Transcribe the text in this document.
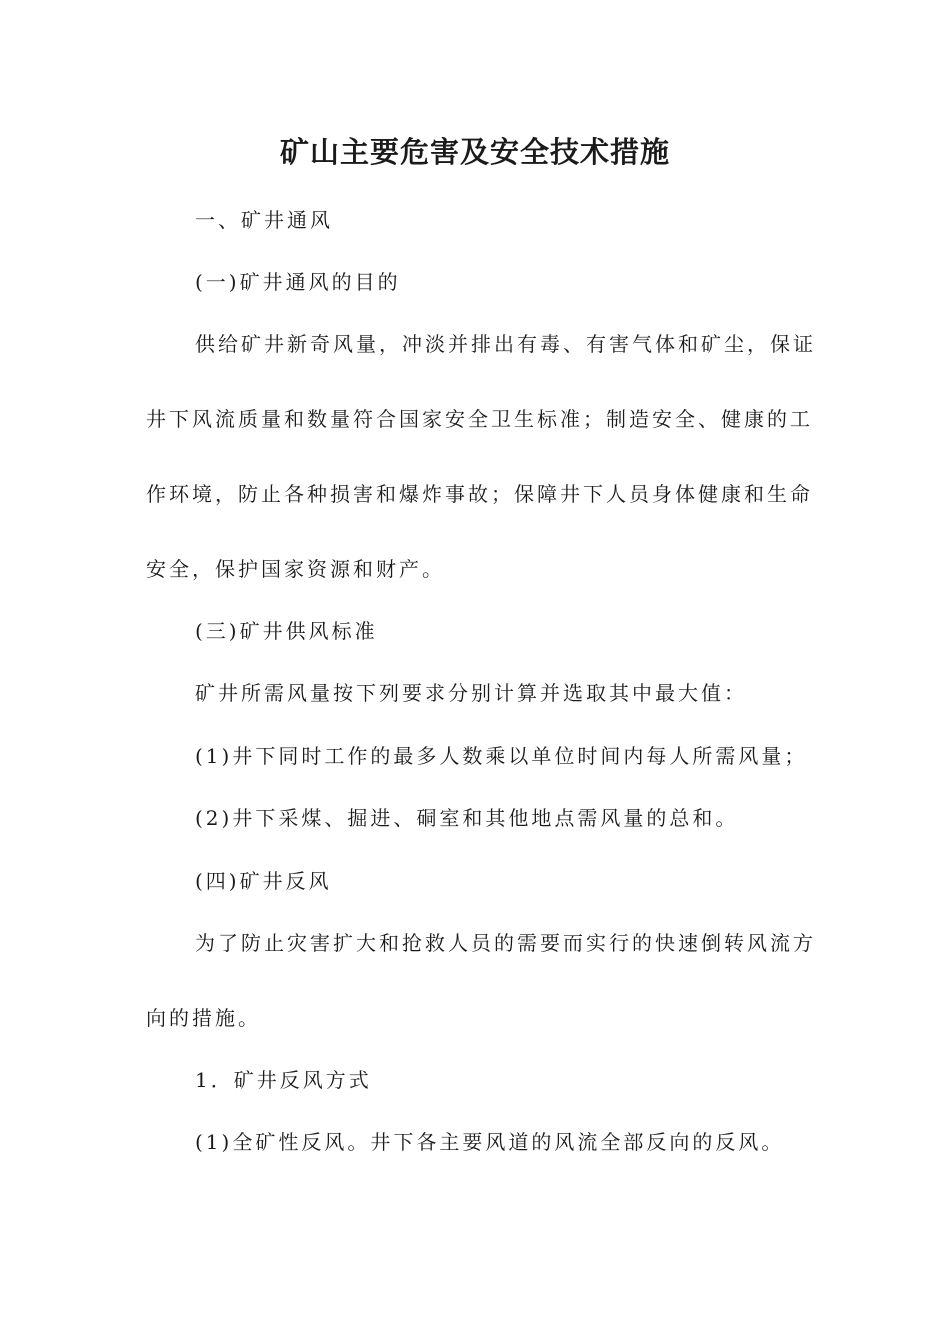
矿山主要危害及安全技术措施
一、矿井通风
(一)矿井通风的目的
供给矿井新奇风量，冲淡并排出有毒、有害气体和矿尘，保证
井下风流质量和数量符合国家安全卫生标准；制造安全、健康的工
作环境，防止各种损害和爆炸事故；保障井下人员身体健康和生命
安全，保护国家资源和财产。
(三)矿井供风标准
矿井所需风量按下列要求分别计算并选取其中最大值：
(1)井下同时工作的最多人数乘以单位时间内每人所需风量；
(2)井下采煤、掘进、硐室和其他地点需风量的总和。
(四)矿井反风
为了防止灾害扩大和抢救人员的需要而实行的快速倒转风流方
向的措施。
1．矿井反风方式
(1)全矿性反风。井下各主要风道的风流全部反向的反风。
